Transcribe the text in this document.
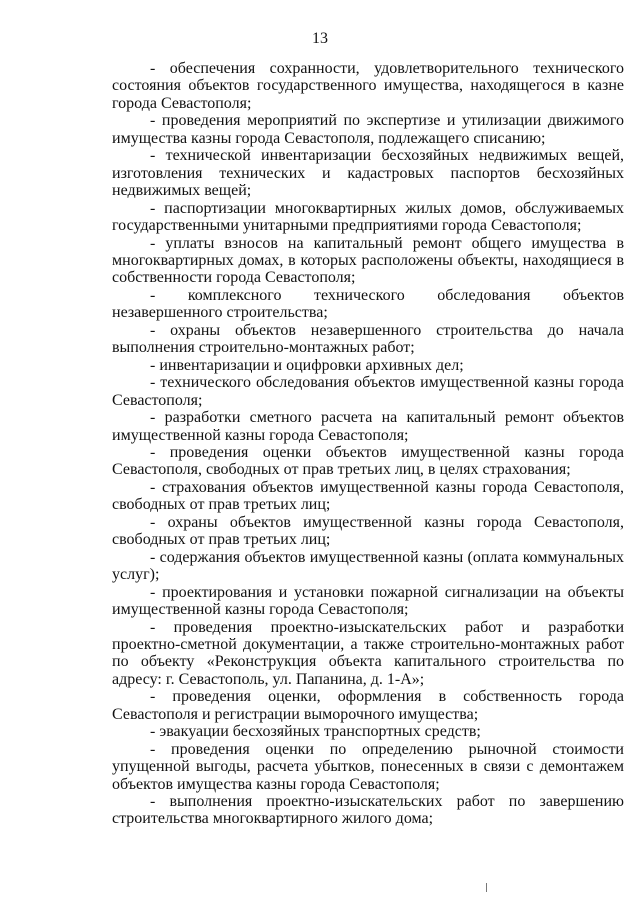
13

- обеспечения сохранности, удовлетворительного технического состояния объектов государственного имущества, находящегося в казне города Севастополя;

- проведения мероприятий по экспертизе и утилизации движимого имущества казны города Севастополя, подлежащего списанию;

- технической инвентаризации бесхозяйных недвижимых вещей, изготовления технических и кадастровых паспортов бесхозяйных недвижимых вещей;

- паспортизации многоквартирных жилых домов, обслуживаемых государственными унитарными предприятиями города Севастополя;

- уплаты взносов на капитальный ремонт общего имущества в многоквартирных домах, в которых расположены объекты, находящиеся в собственности города Севастополя;

- комплексного технического обследования объектов незавершенного строительства;

- охраны объектов незавершенного строительства до начала выполнения строительно-монтажных работ;

- инвентаризации и оцифровки архивных дел;

- технического обследования объектов имущественной казны города Севастополя;

- разработки сметного расчета на капитальный ремонт объектов имущественной казны города Севастополя;

- проведения оценки объектов имущественной казны города Севастополя, свободных от прав третьих лиц, в целях страхования;

- страхования объектов имущественной казны города Севастополя, свободных от прав третьих лиц;

- охраны объектов имущественной казны города Севастополя, свободных от прав третьих лиц;

- содержания объектов имущественной казны (оплата коммунальных услуг);

- проектирования и установки пожарной сигнализации на объекты имущественной казны города Севастополя;

- проведения проектно-изыскательских работ и разработки проектно-сметной документации, а также строительно-монтажных работ по объекту «Реконструкция объекта капитального строительства по адресу: г. Севастополь, ул. Папанина, д. 1-А»;

- проведения оценки, оформления в собственность города Севастополя и регистрации выморочного имущества;

- эвакуации бесхозяйных транспортных средств;

- проведения оценки по определению рыночной стоимости упущенной выгоды, расчета убытков, понесенных в связи с демонтажем объектов имущества казны города Севастополя;

- выполнения проектно-изыскательских работ по завершению строительства многоквартирного жилого дома;
